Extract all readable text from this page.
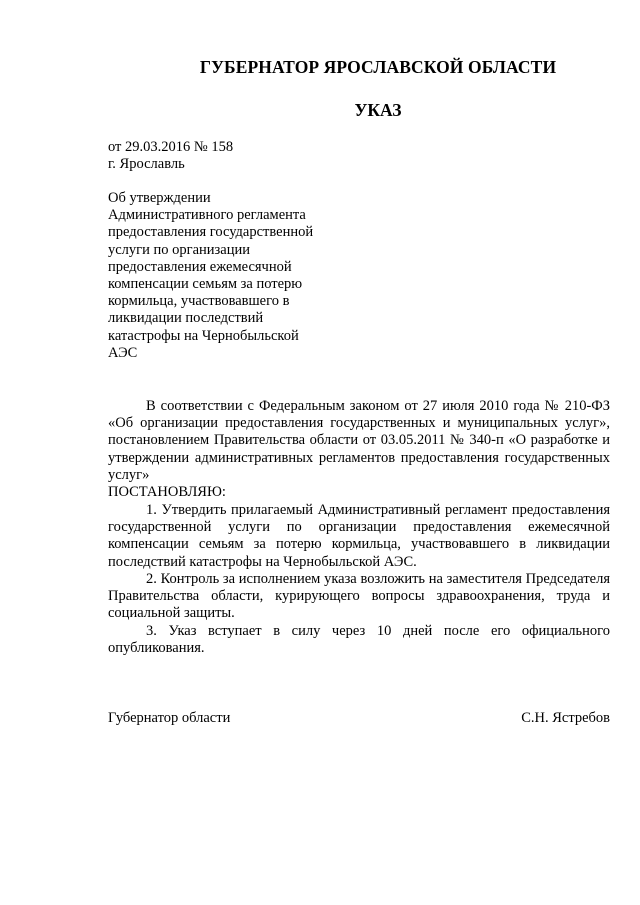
ГУБЕРНАТОР ЯРОСЛАВСКОЙ ОБЛАСТИ
УКАЗ
от 29.03.2016 № 158
г. Ярославль
Об утверждении
Административного регламента
предоставления государственной
услуги по организации
предоставления ежемесячной
компенсации семьям за потерю
кормильца, участвовавшего в
ликвидации последствий
катастрофы на Чернобыльской
АЭС
В соответствии с Федеральным законом от 27 июля 2010 года № 210-ФЗ «Об организации предоставления государственных и муниципальных услуг», постановлением Правительства области от 03.05.2011 № 340-п «О разработке и утверждении административных регламентов предоставления государственных услуг»
ПОСТАНОВЛЯЮ:
1. Утвердить прилагаемый Административный регламент предоставления государственной услуги по организации предоставления ежемесячной компенсации семьям за потерю кормильца, участвовавшего в ликвидации последствий катастрофы на Чернобыльской АЭС.
2. Контроль за исполнением указа возложить на заместителя Председателя Правительства области, курирующего вопросы здравоохранения, труда и социальной защиты.
3. Указ вступает в силу через 10 дней после его официального опубликования.
Губернатор области	С.Н. Ястребов
